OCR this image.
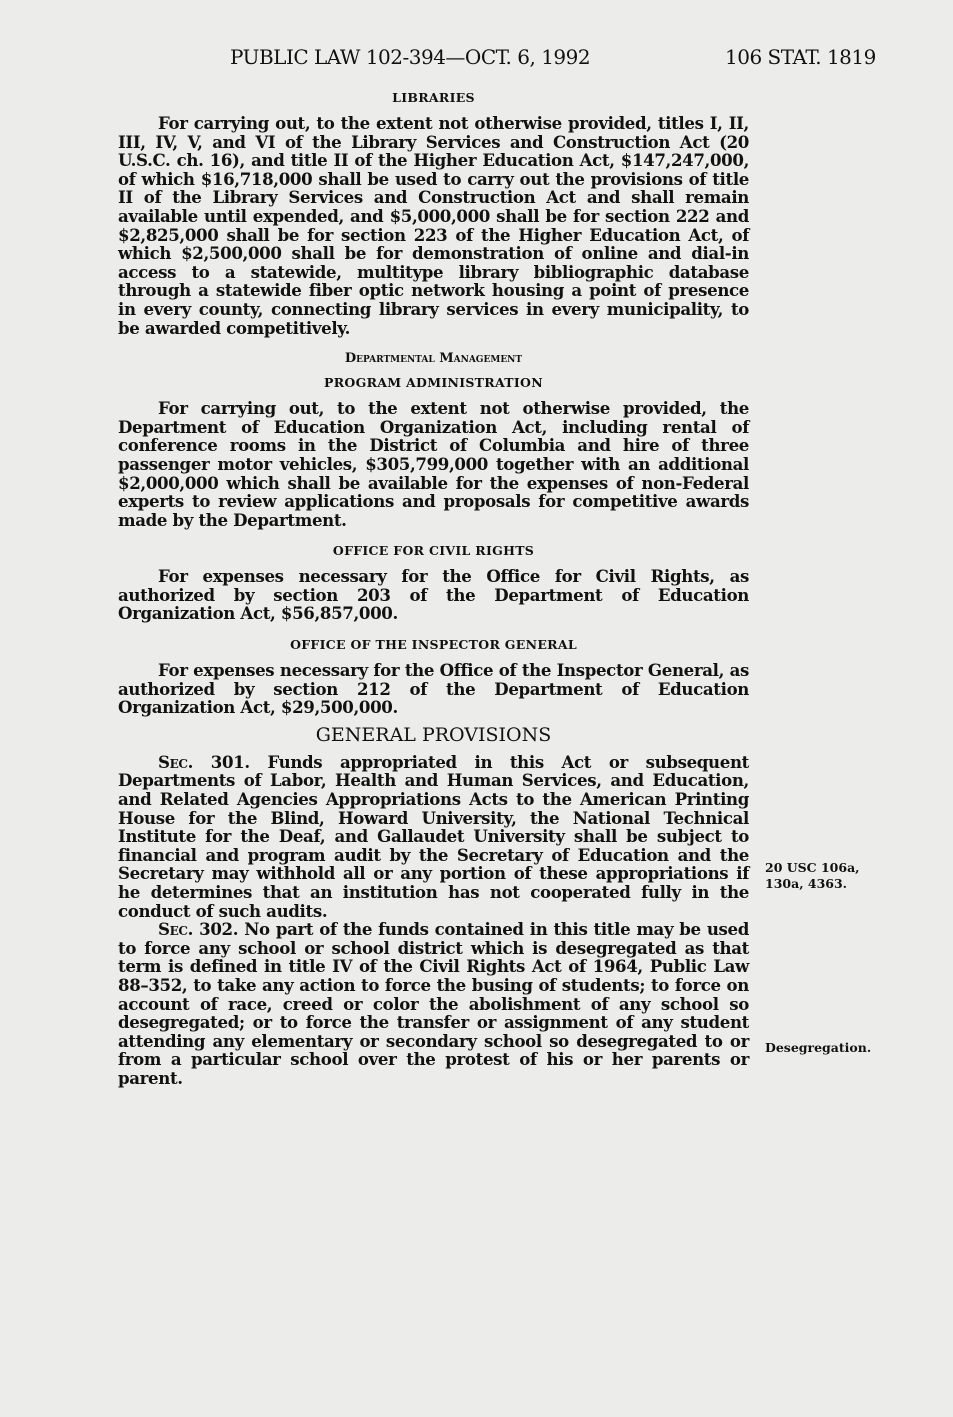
PUBLIC LAW 102-394—OCT. 6, 1992	106 STAT. 1819
LIBRARIES

For carrying out, to the extent not otherwise provided, titles I, II, III, IV, V, and VI of the Library Services and Construction Act (20 U.S.C. ch. 16), and title II of the Higher Education Act, $147,247,000, of which $16,718,000 shall be used to carry out the provisions of title II of the Library Services and Construction Act and shall remain available until expended, and $5,000,000 shall be for section 222 and $2,825,000 shall be for section 223 of the Higher Education Act, of which $2,500,000 shall be for demonstration of online and dial-in access to a statewide, multitype library bibliographic database through a statewide fiber optic network housing a point of presence in every county, connecting library services in every municipality, to be awarded competitively.

Departmental Management
PROGRAM ADMINISTRATION

For carrying out, to the extent not otherwise provided, the Department of Education Organization Act, including rental of conference rooms in the District of Columbia and hire of three passenger motor vehicles, $305,799,000 together with an additional $2,000,000 which shall be available for the expenses of non-Federal experts to review applications and proposals for competitive awards made by the Department.

OFFICE FOR CIVIL RIGHTS

For expenses necessary for the Office for Civil Rights, as authorized by section 203 of the Department of Education Organization Act, $56,857,000.

OFFICE OF THE INSPECTOR GENERAL

For expenses necessary for the Office of the Inspector General, as authorized by section 212 of the Department of Education Organization Act, $29,500,000.

GENERAL PROVISIONS

Sec. 301. Funds appropriated in this Act or subsequent Departments of Labor, Health and Human Services, and Education, and Related Agencies Appropriations Acts to the American Printing House for the Blind, Howard University, the National Technical Institute for the Deaf, and Gallaudet University shall be subject to financial and program audit by the Secretary of Education and the Secretary may withhold all or any portion of these appropriations if he determines that an institution has not cooperated fully in the conduct of such audits.

Sec. 302. No part of the funds contained in this title may be used to force any school or school district which is desegregated as that term is defined in title IV of the Civil Rights Act of 1964, Public Law 88–352, to take any action to force the busing of students; to force on account of race, creed or color the abolishment of any school so desegregated; or to force the transfer or assignment of any student attending any elementary or secondary school so desegregated to or from a particular school over the protest of his or her parents or parent.

20 USC 106a,
130a, 4363.
Desegregation.
